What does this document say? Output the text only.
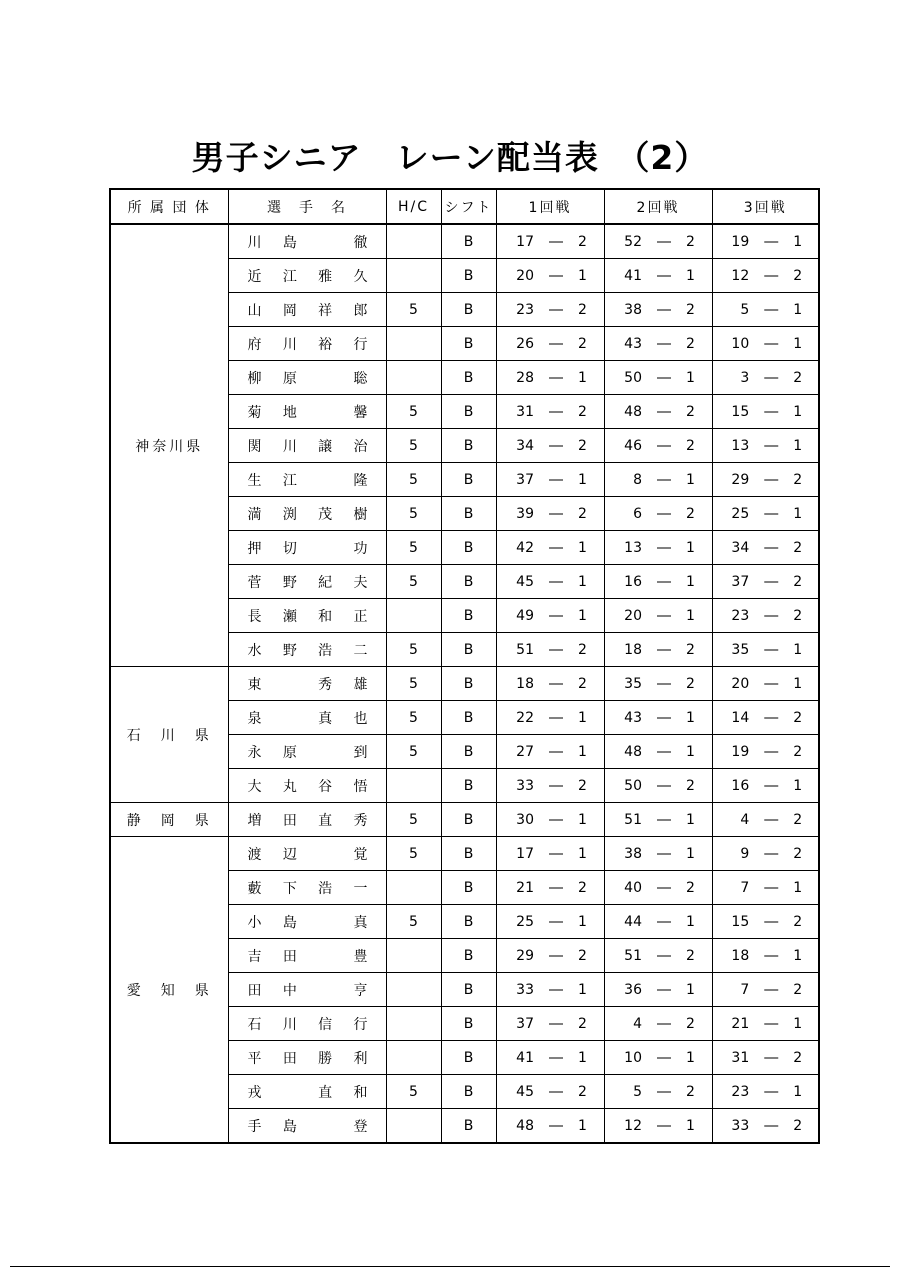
男子シニア　レーン配当表　（2）
所 属 団 体	選　手　名	H/C	シフト	1回戦	2回戦	3回戦
神奈川県	川 島 徹		B	17 ― 2	52 ― 2	19 ― 1

	近 江 雅 久		B	20 ― 1	41 ― 1	12 ― 2

	山 岡 祥 郎	5	B	23 ― 2	38 ― 2	5 ― 1

	府 川 裕 行		B	26 ― 2	43 ― 2	10 ― 1

	柳 原 聡		B	28 ― 1	50 ― 1	3 ― 2

	菊 地 馨	5	B	31 ― 2	48 ― 2	15 ― 1

	関 川 譲 治	5	B	34 ― 2	46 ― 2	13 ― 1

	生 江 隆	5	B	37 ― 1	8 ― 1	29 ― 2

	満 渕 茂 樹	5	B	39 ― 2	6 ― 2	25 ― 1

	押 切 功	5	B	42 ― 1	13 ― 1	34 ― 2

	菅 野 紀 夫	5	B	45 ― 1	16 ― 1	37 ― 2

	長 瀬 和 正		B	49 ― 1	20 ― 1	23 ― 2

	水 野 浩 二	5	B	51 ― 2	18 ― 2	35 ― 1

石　川　県	東 秀 雄	5	B	18 ― 2	35 ― 2	20 ― 1

	泉 真 也	5	B	22 ― 1	43 ― 1	14 ― 2

	永 原 到	5	B	27 ― 1	48 ― 1	19 ― 2

	大 丸 谷 悟		B	33 ― 2	50 ― 2	16 ― 1

静　岡　県	増 田 直 秀	5	B	30 ― 1	51 ― 1	4 ― 2

愛　知　県	渡 辺 覚	5	B	17 ― 1	38 ― 1	9 ― 2

	藪 下 浩 一		B	21 ― 2	40 ― 2	7 ― 1

	小 島 真	5	B	25 ― 1	44 ― 1	15 ― 2

	吉 田 豊		B	29 ― 2	51 ― 2	18 ― 1

	田 中 亨		B	33 ― 1	36 ― 1	7 ― 2

	石 川 信 行		B	37 ― 2	4 ― 2	21 ― 1

	平 田 勝 利		B	41 ― 1	10 ― 1	31 ― 2

	戎 直 和	5	B	45 ― 2	5 ― 2	23 ― 1

	手 島 登		B	48 ― 1	12 ― 1	33 ― 2
